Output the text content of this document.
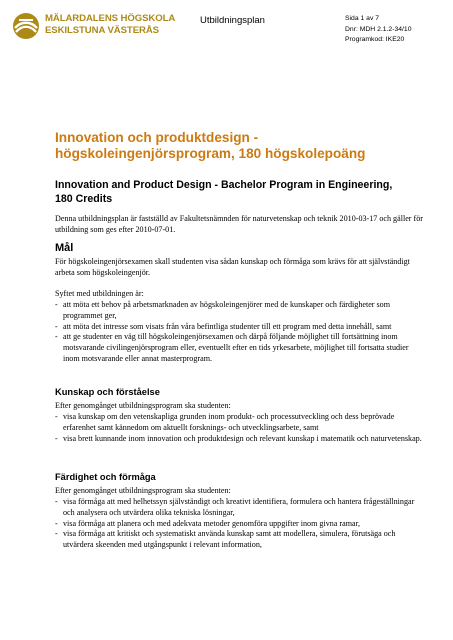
MÄLARDALENS HÖGSKOLA
ESKILSTUNA VÄSTERÅS
Utbildningsplan	Sida 1 av 7
Dnr: MDH 2.1.2-34/10
Programkod: IKE20
Innovation och produktdesign -
högskoleingenjörsprogram, 180 högskolepoäng
Innovation and Product Design - Bachelor Program in Engineering,
180 Credits
Denna utbildningsplan är fastställd av Fakultetsnämnden för naturvetenskap och teknik 2010-03-17 och gäller för utbildning som ges efter 2010-07-01.
Mål
För högskoleingenjörsexamen skall studenten visa sådan kunskap och förmåga som krävs för att självständigt arbeta som högskoleingenjör.
Syftet med utbildningen är:
- att möta ett behov på arbetsmarknaden av högskoleingenjörer med de kunskaper och färdigheter som programmet ger,
- att möta det intresse som visats från våra befintliga studenter till ett program med detta innehåll, samt
- att ge studenter en väg till högskoleingenjörsexamen och därpå följande möjlighet till fortsättning inom motsvarande civilingenjörsprogram eller, eventuellt efter en tids yrkesarbete, möjlighet till fortsatta studier inom motsvarande eller annat masterprogram.
Kunskap och förståelse
Efter genomgånget utbildningsprogram ska studenten:
- visa kunskap om den vetenskapliga grunden inom produkt- och processutveckling och dess beprövade erfarenhet samt kännedom om aktuellt forsknings- och utvecklingsarbete, samt
- visa brett kunnande inom innovation och produktdesign och relevant kunskap i matematik och naturvetenskap.
Färdighet och förmåga
Efter genomgånget utbildningsprogram ska studenten:
- visa förmåga att med helhetssyn självständigt och kreativt identifiera, formulera och hantera frågeställningar och analysera och utvärdera olika tekniska lösningar,
- visa förmåga att planera och med adekvata metoder genomföra uppgifter inom givna ramar,
- visa förmåga att kritiskt och systematiskt använda kunskap samt att modellera, simulera, förutsäga och utvärdera skeenden med utgångspunkt i relevant information,
